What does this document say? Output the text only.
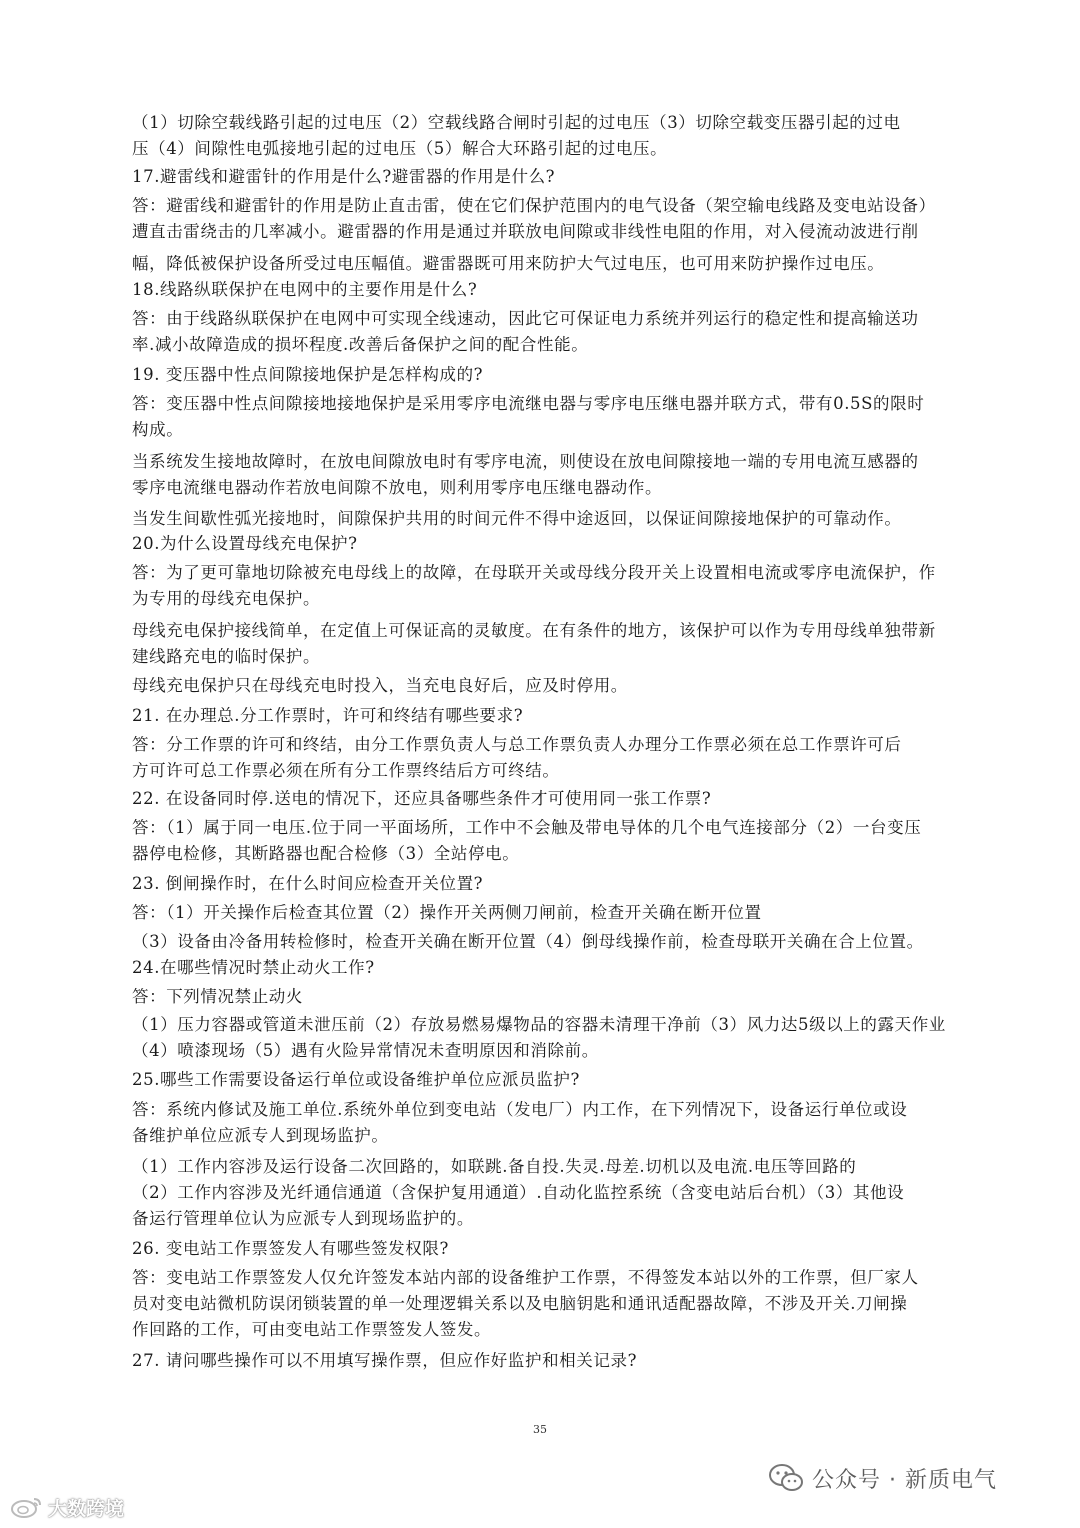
（1）切除空载线路引起的过电压（2）空载线路合闸时引起的过电压（3）切除空载变压器引起的过电
压（4）间隙性电弧接地引起的过电压（5）解合大环路引起的过电压。
17.避雷线和避雷针的作用是什么?避雷器的作用是什么?
答：避雷线和避雷针的作用是防止直击雷，使在它们保护范围内的电气设备（架空输电线路及变电站设备）
遭直击雷绕击的几率减小。避雷器的作用是通过并联放电间隙或非线性电阻的作用，对入侵流动波进行削
幅，降低被保护设备所受过电压幅值。避雷器既可用来防护大气过电压，也可用来防护操作过电压。
18.线路纵联保护在电网中的主要作用是什么?
答：由于线路纵联保护在电网中可实现全线速动，因此它可保证电力系统并列运行的稳定性和提高输送功
率.减小故障造成的损坏程度.改善后备保护之间的配合性能。
19. 变压器中性点间隙接地保护是怎样构成的?
答：变压器中性点间隙接地接地保护是采用零序电流继电器与零序电压继电器并联方式，带有0.5S的限时
构成。
当系统发生接地故障时，在放电间隙放电时有零序电流，则使设在放电间隙接地一端的专用电流互感器的
零序电流继电器动作若放电间隙不放电，则利用零序电压继电器动作。
当发生间歇性弧光接地时，间隙保护共用的时间元件不得中途返回，以保证间隙接地保护的可靠动作。
20.为什么设置母线充电保护?
答：为了更可靠地切除被充电母线上的故障，在母联开关或母线分段开关上设置相电流或零序电流保护，作
为专用的母线充电保护。
母线充电保护接线简单，在定值上可保证高的灵敏度。在有条件的地方，该保护可以作为专用母线单独带新
建线路充电的临时保护。
母线充电保护只在母线充电时投入，当充电良好后，应及时停用。
21. 在办理总.分工作票时，许可和终结有哪些要求?
答：分工作票的许可和终结，由分工作票负责人与总工作票负责人办理分工作票必须在总工作票许可后
方可许可总工作票必须在所有分工作票终结后方可终结。
22. 在设备同时停.送电的情况下，还应具备哪些条件才可使用同一张工作票?
答：（1）属于同一电压.位于同一平面场所，工作中不会触及带电导体的几个电气连接部分（2）一台变压
器停电检修，其断路器也配合检修（3）全站停电。
23. 倒闸操作时，在什么时间应检查开关位置?
答：（1）开关操作后检查其位置（2）操作开关两侧刀闸前，检查开关确在断开位置
（3）设备由冷备用转检修时，检查开关确在断开位置（4）倒母线操作前，检查母联开关确在合上位置。
24.在哪些情况时禁止动火工作?
答：下列情况禁止动火
（1）压力容器或管道未泄压前（2）存放易燃易爆物品的容器未清理干净前（3）风力达5级以上的露天作业
（4）喷漆现场（5）遇有火险异常情况未查明原因和消除前。
25.哪些工作需要设备运行单位或设备维护单位应派员监护?
答：系统内修试及施工单位.系统外单位到变电站（发电厂）内工作，在下列情况下，设备运行单位或设
备维护单位应派专人到现场监护。
（1）工作内容涉及运行设备二次回路的，如联跳.备自投.失灵.母差.切机以及电流.电压等回路的
（2）工作内容涉及光纤通信通道（含保护复用通道）.自动化监控系统（含变电站后台机）（3）其他设
备运行管理单位认为应派专人到现场监护的。
26. 变电站工作票签发人有哪些签发权限?
答：变电站工作票签发人仅允许签发本站内部的设备维护工作票，不得签发本站以外的工作票，但厂家人
员对变电站微机防误闭锁装置的单一处理逻辑关系以及电脑钥匙和通讯适配器故障，不涉及开关.刀闸操
作回路的工作，可由变电站工作票签发人签发。
27. 请问哪些操作可以不用填写操作票，但应作好监护和相关记录?
35
公众号 · 新质电气
大数跨境
